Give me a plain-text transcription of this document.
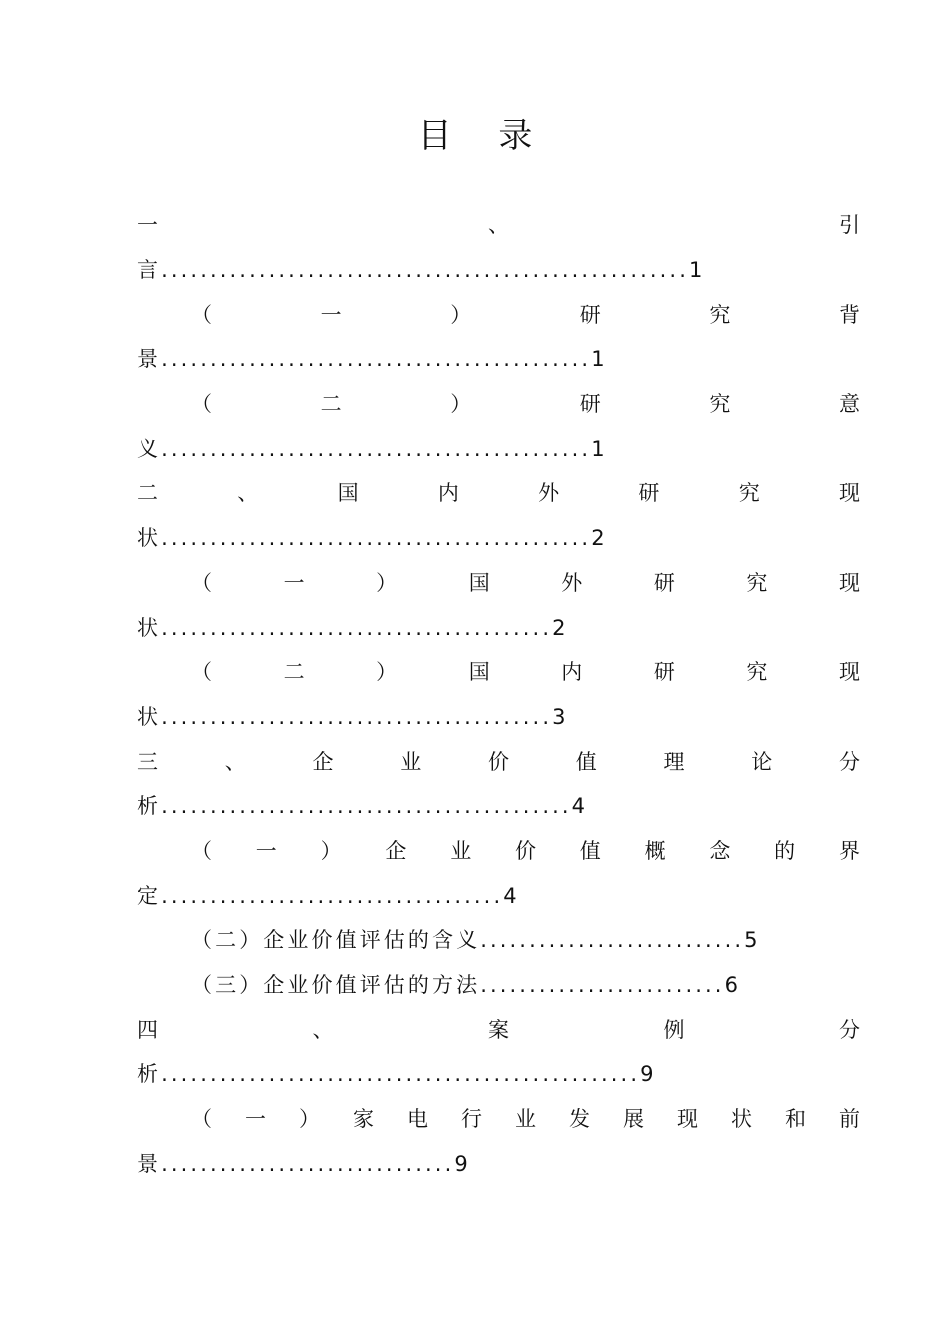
目 录
一	、	引
言......................................................1
（	一	）	研	究	背
景............................................1
（	二	）	研	究	意
义............................................1
二	、	国	内	外	研	究	现
状............................................2
（	一	）	国	外	研	究	现
状........................................2
（	二	）	国	内	研	究	现
状........................................3
三	、	企	业	价	值	理	论	分
析..........................................4
（ 一 ） 企 业 价 值 概 念 的 界
定...................................4
（二）企业价值评估的含义...........................5
（三）企业价值评估的方法.........................6
四	、	案	例	分
析.................................................9
（ 一 ） 家 电 行 业 发 展 现 状 和 前
景..............................9
